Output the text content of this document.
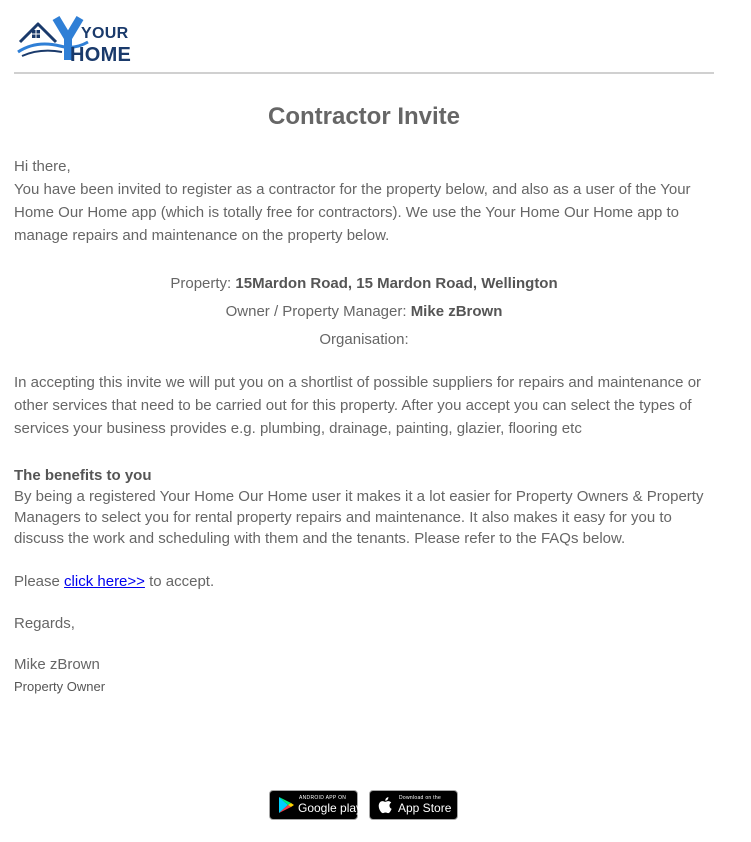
YOUR
HOME
Contractor Invite
Hi there,
You have been invited to register as a contractor for the property below, and also as a user of the Your Home Our Home app (which is totally free for contractors). We use the Your Home Our Home app to manage repairs and maintenance on the property below.
Property: 15Mardon Road, 15 Mardon Road, Wellington
Owner / Property Manager: Mike zBrown
Organisation:
In accepting this invite we will put you on a shortlist of possible suppliers for repairs and maintenance or other services that need to be carried out for this property. After you accept you can select the types of services your business provides e.g. plumbing, drainage, painting, glazier, flooring etc
The benefits to you
By being a registered Your Home Our Home user it makes it a lot easier for Property Owners & Property Managers to select you for rental property repairs and maintenance. It also makes it easy for you to discuss the work and scheduling with them and the tenants. Please refer to the FAQs below.
Please click here>> to accept.
Regards,
Mike zBrown
Property Owner
ANDROID APP ON
Google play
Download on the
App Store
